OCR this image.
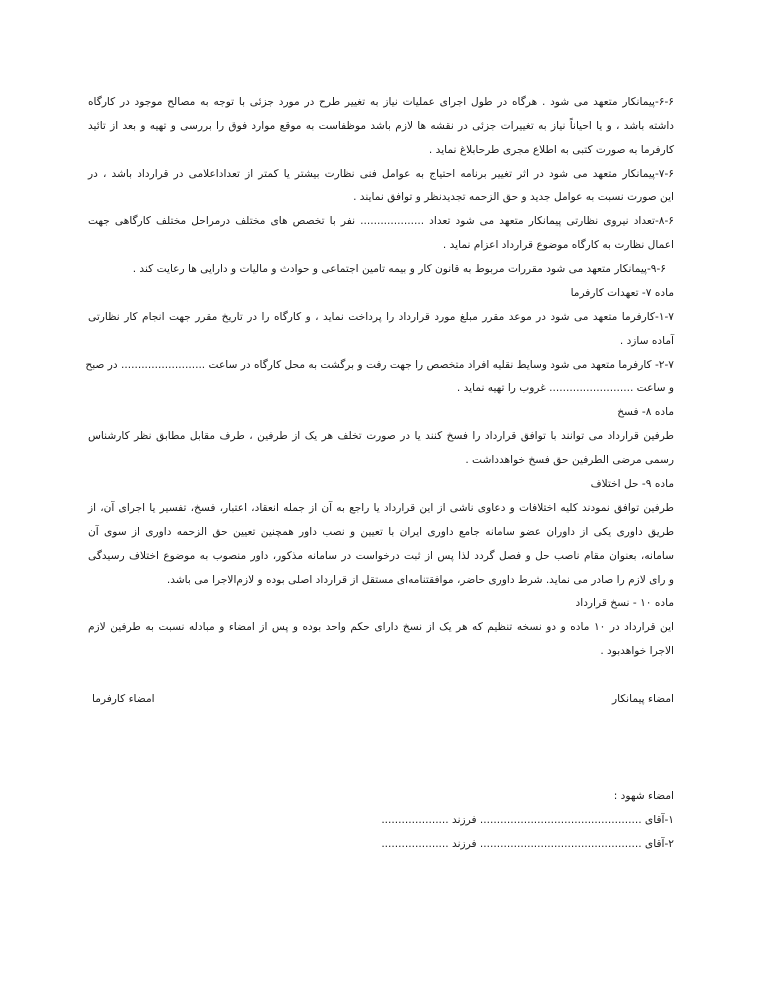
۶-۶-پیمانکار متعهد می شود . هرگاه در طول اجرای عملیات نیاز به تغییر طرح در مورد جزئی با توجه به مصالح موجود در کارگاه
داشته باشد ، و یا احیاناً نیاز به تغییرات جزئی در نقشه ها لازم باشد موظفاست به موقع موارد فوق را بررسی و تهیه و بعد از تائید
کارفرما به صورت کتبی به اطلاع مجری طرحابلاغ نماید .
۷-۶-پیمانکار متعهد می شود در اثر تغییر برنامه احتیاج به عوامل فنی نظارت بیشتر یا کمتر از تعداداعلامی در قرارداد باشد ، در
این صورت نسبت به عوامل جدید و حق الزحمه تجدیدنظر و توافق نمایند .
۸-۶-تعداد نیروی نظارتی پیمانکار متعهد می شود تعداد ................... نفر با تخصص های مختلف درمراحل مختلف کارگاهی جهت
اعمال نظارت به کارگاه موضوع قرارداد اعزام نماید .
۹-۶-پیمانکار متعهد می شود مقررات مربوط به قانون کار و بیمه تامین اجتماعی و حوادث و مالیات و دارایی ها رعایت کند .
ماده ۷- تعهدات کارفرما
۱-۷-کارفرما متعهد می شود در موعد مقرر مبلغ مورد قرارداد را پرداخت نماید ، و کارگاه را در تاریخ مقرر جهت انجام کار نظارتی
آماده سازد .
۲-۷- کارفرما متعهد می شود وسایط نقلیه افراد متخصص را جهت رفت و برگشت به محل کارگاه در ساعت ......................... در صبح
و ساعت ......................... غروب را تهیه نماید .
ماده ۸- فسخ
طرفین قرارداد می توانند با توافق قرارداد را فسخ کنند یا در صورت تخلف هر یک از طرفین ، طرف مقابل مطابق نظر کارشناس
رسمی مرضی الطرفین حق فسخ خواهدداشت .
ماده ۹- حل اختلاف
طرفین توافق نمودند کلیه اختلافات و دعاوی ناشی از این قرارداد یا راجع به آن از جمله انعقاد، اعتبار، فسخ، تفسیر یا اجرای آن، از
طریق داوری یکی از داوران عضو سامانه جامع داوری ایران با تعیین و نصب داور همچنین تعیین حق الزحمه داوری از سوی آن
سامانه، بعنوان مقام ناصب حل و فصل گردد لذا پس از ثبت درخواست در سامانه مذکور، داور منصوب به موضوع اختلاف رسیدگی
و رای لازم را صادر می نماید. شرط داوری حاضر، موافقتنامه‌ای مستقل از قرارداد اصلی بوده و لازم‌الاجرا می باشد.
ماده ۱۰ - نسخ قرارداد
این قرارداد در ۱۰ ماده و دو نسخه تنظیم که هر یک از نسخ دارای حکم واحد بوده و پس از امضاء و مبادله نسبت به طرفین لازم
الاجرا خواهدبود .
امضاء پیمانکار
امضاء کارفرما
امضاء شهود :
۱-آقای ................................................ فرزند ....................
۲-آقای ................................................ فرزند ....................
